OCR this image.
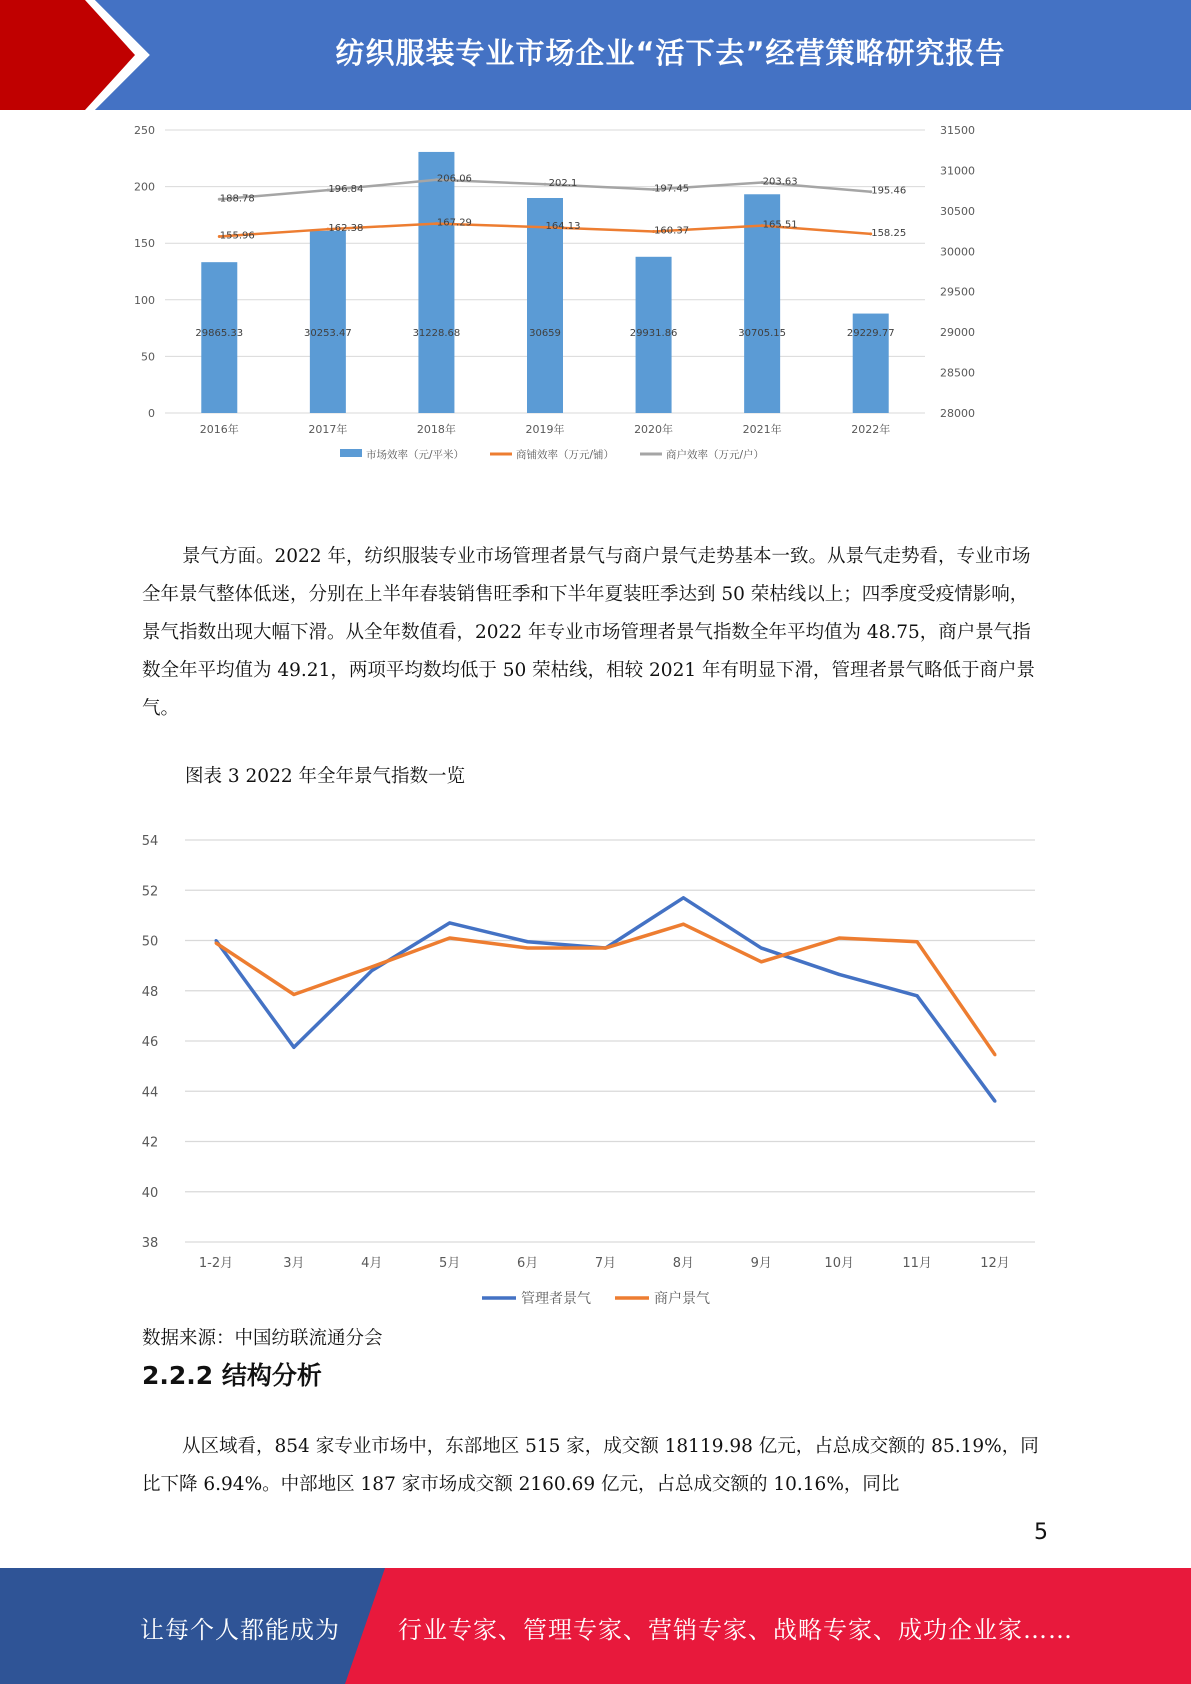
纺织服装专业市场企业“活下去”经营策略研究报告
0
50
100
150
200
250
28000
28500
29000
29500
30000
30500
31000
31500
29865.33	30253.47	31228.68	30659	29931.86	30705.15	29229.77
155.96
162.38
167.29	164.13	160.37
165.51
158.25
188.78
196.84
206.06	202.1	197.45
203.63
195.46
2016年	2017年	2018年	2019年	2020年	2021年	2022年
市场效率（元/平米）	商铺效率（万元/铺）	商户效率（万元/户）

景气方面。2022 年，纺织服装专业市场管理者景气与商户景气走势基本一致。从景气走势看，专业市场全年景气整体低迷，分别在上半年春装销售旺季和下半年夏装旺季达到 50 荣枯线以上；四季度受疫情影响，景气指数出现大幅下滑。从全年数值看，2022 年专业市场管理者景气指数全年平均值为 48.75，商户景气指数全年平均值为 49.21，两项平均数均低于 50 荣枯线，相较 2021 年有明显下滑，管理者景气略低于商户景气。

图表 3 2022 年全年景气指数一览

38
40
42
44
46
48
50
52
54
1-2月	3月	4月	5月	6月	7月	8月	9月	10月	11月	12月
管理者景气	商户景气

数据来源：中国纺联流通分会

2.2.2 结构分析

从区域看，854 家专业市场中，东部地区 515 家，成交额 18119.98 亿元，占总成交额的 85.19%，同比下降 6.94%。中部地区 187 家市场成交额 2160.69 亿元，占总成交额的 10.16%，同比

5
让每个人都能成为 行业专家、管理专家、营销专家、战略专家、成功企业家……
